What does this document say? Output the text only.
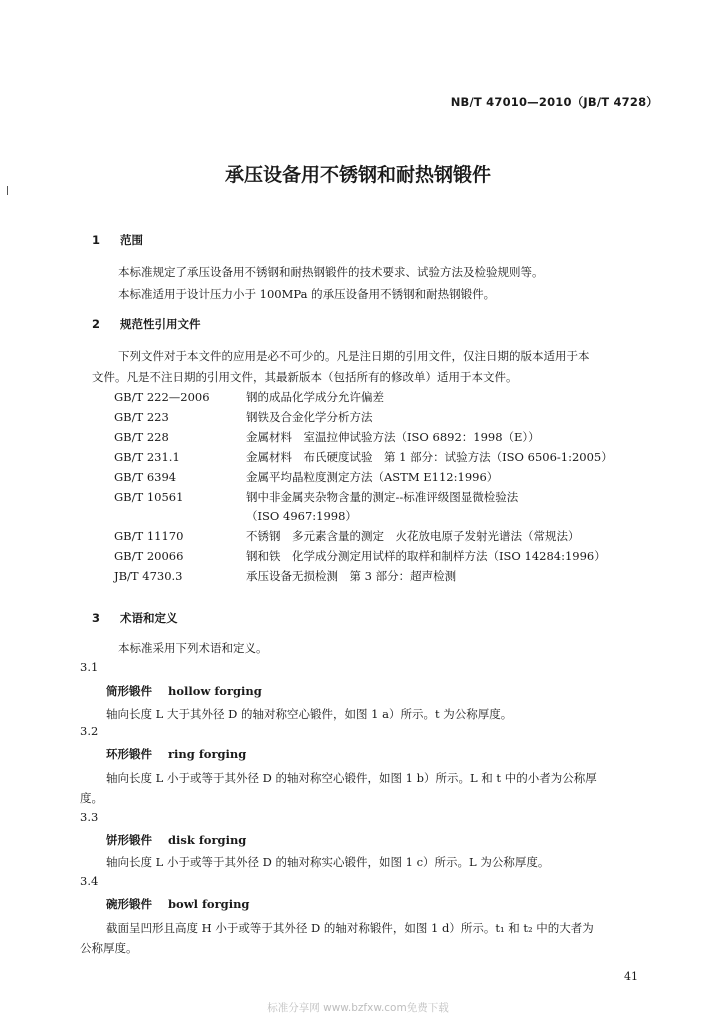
NB/T 47010—2010（JB/T 4728）
承压设备用不锈钢和耐热钢锻件
1 范围
本标准规定了承压设备用不锈钢和耐热钢锻件的技术要求、试验方法及检验规则等。
本标准适用于设计压力小于 100MPa 的承压设备用不锈钢和耐热钢锻件。
2 规范性引用文件
下列文件对于本文件的应用是必不可少的。凡是注日期的引用文件，仅注日期的版本适用于本
文件。凡是不注日期的引用文件，其最新版本（包括所有的修改单）适用于本文件。
GB/T 222—2006	钢的成品化学成分允许偏差
GB/T 223	钢铁及合金化学分析方法
GB/T 228	金属材料　室温拉伸试验方法（ISO 6892：1998（E））
GB/T 231.1	金属材料　布氏硬度试验　第 1 部分：试验方法（ISO 6506-1:2005）
GB/T 6394	金属平均晶粒度测定方法（ASTM E112:1996）
GB/T 10561	钢中非金属夹杂物含量的测定--标准评级图显微检验法
（ISO 4967:1998）
GB/T 11170	不锈钢　多元素含量的测定　火花放电原子发射光谱法（常规法）
GB/T 20066	钢和铁　化学成分测定用试样的取样和制样方法（ISO 14284:1996）
JB/T 4730.3	承压设备无损检测　第 3 部分：超声检测
3 术语和定义
本标准采用下列术语和定义。
3.1
筒形锻件 hollow forging
轴向长度 L 大于其外径 D 的轴对称空心锻件，如图 1 a）所示。t 为公称厚度。
3.2
环形锻件 ring forging
轴向长度 L 小于或等于其外径 D 的轴对称空心锻件，如图 1 b）所示。L 和 t 中的小者为公称厚
度。
3.3
饼形锻件 disk forging
轴向长度 L 小于或等于其外径 D 的轴对称实心锻件，如图 1 c）所示。L 为公称厚度。
3.4
碗形锻件 bowl forging
截面呈凹形且高度 H 小于或等于其外径 D 的轴对称锻件，如图 1 d）所示。t₁ 和 t₂ 中的大者为
公称厚度。
41
标准分享网 www.bzfxw.com免费下载
